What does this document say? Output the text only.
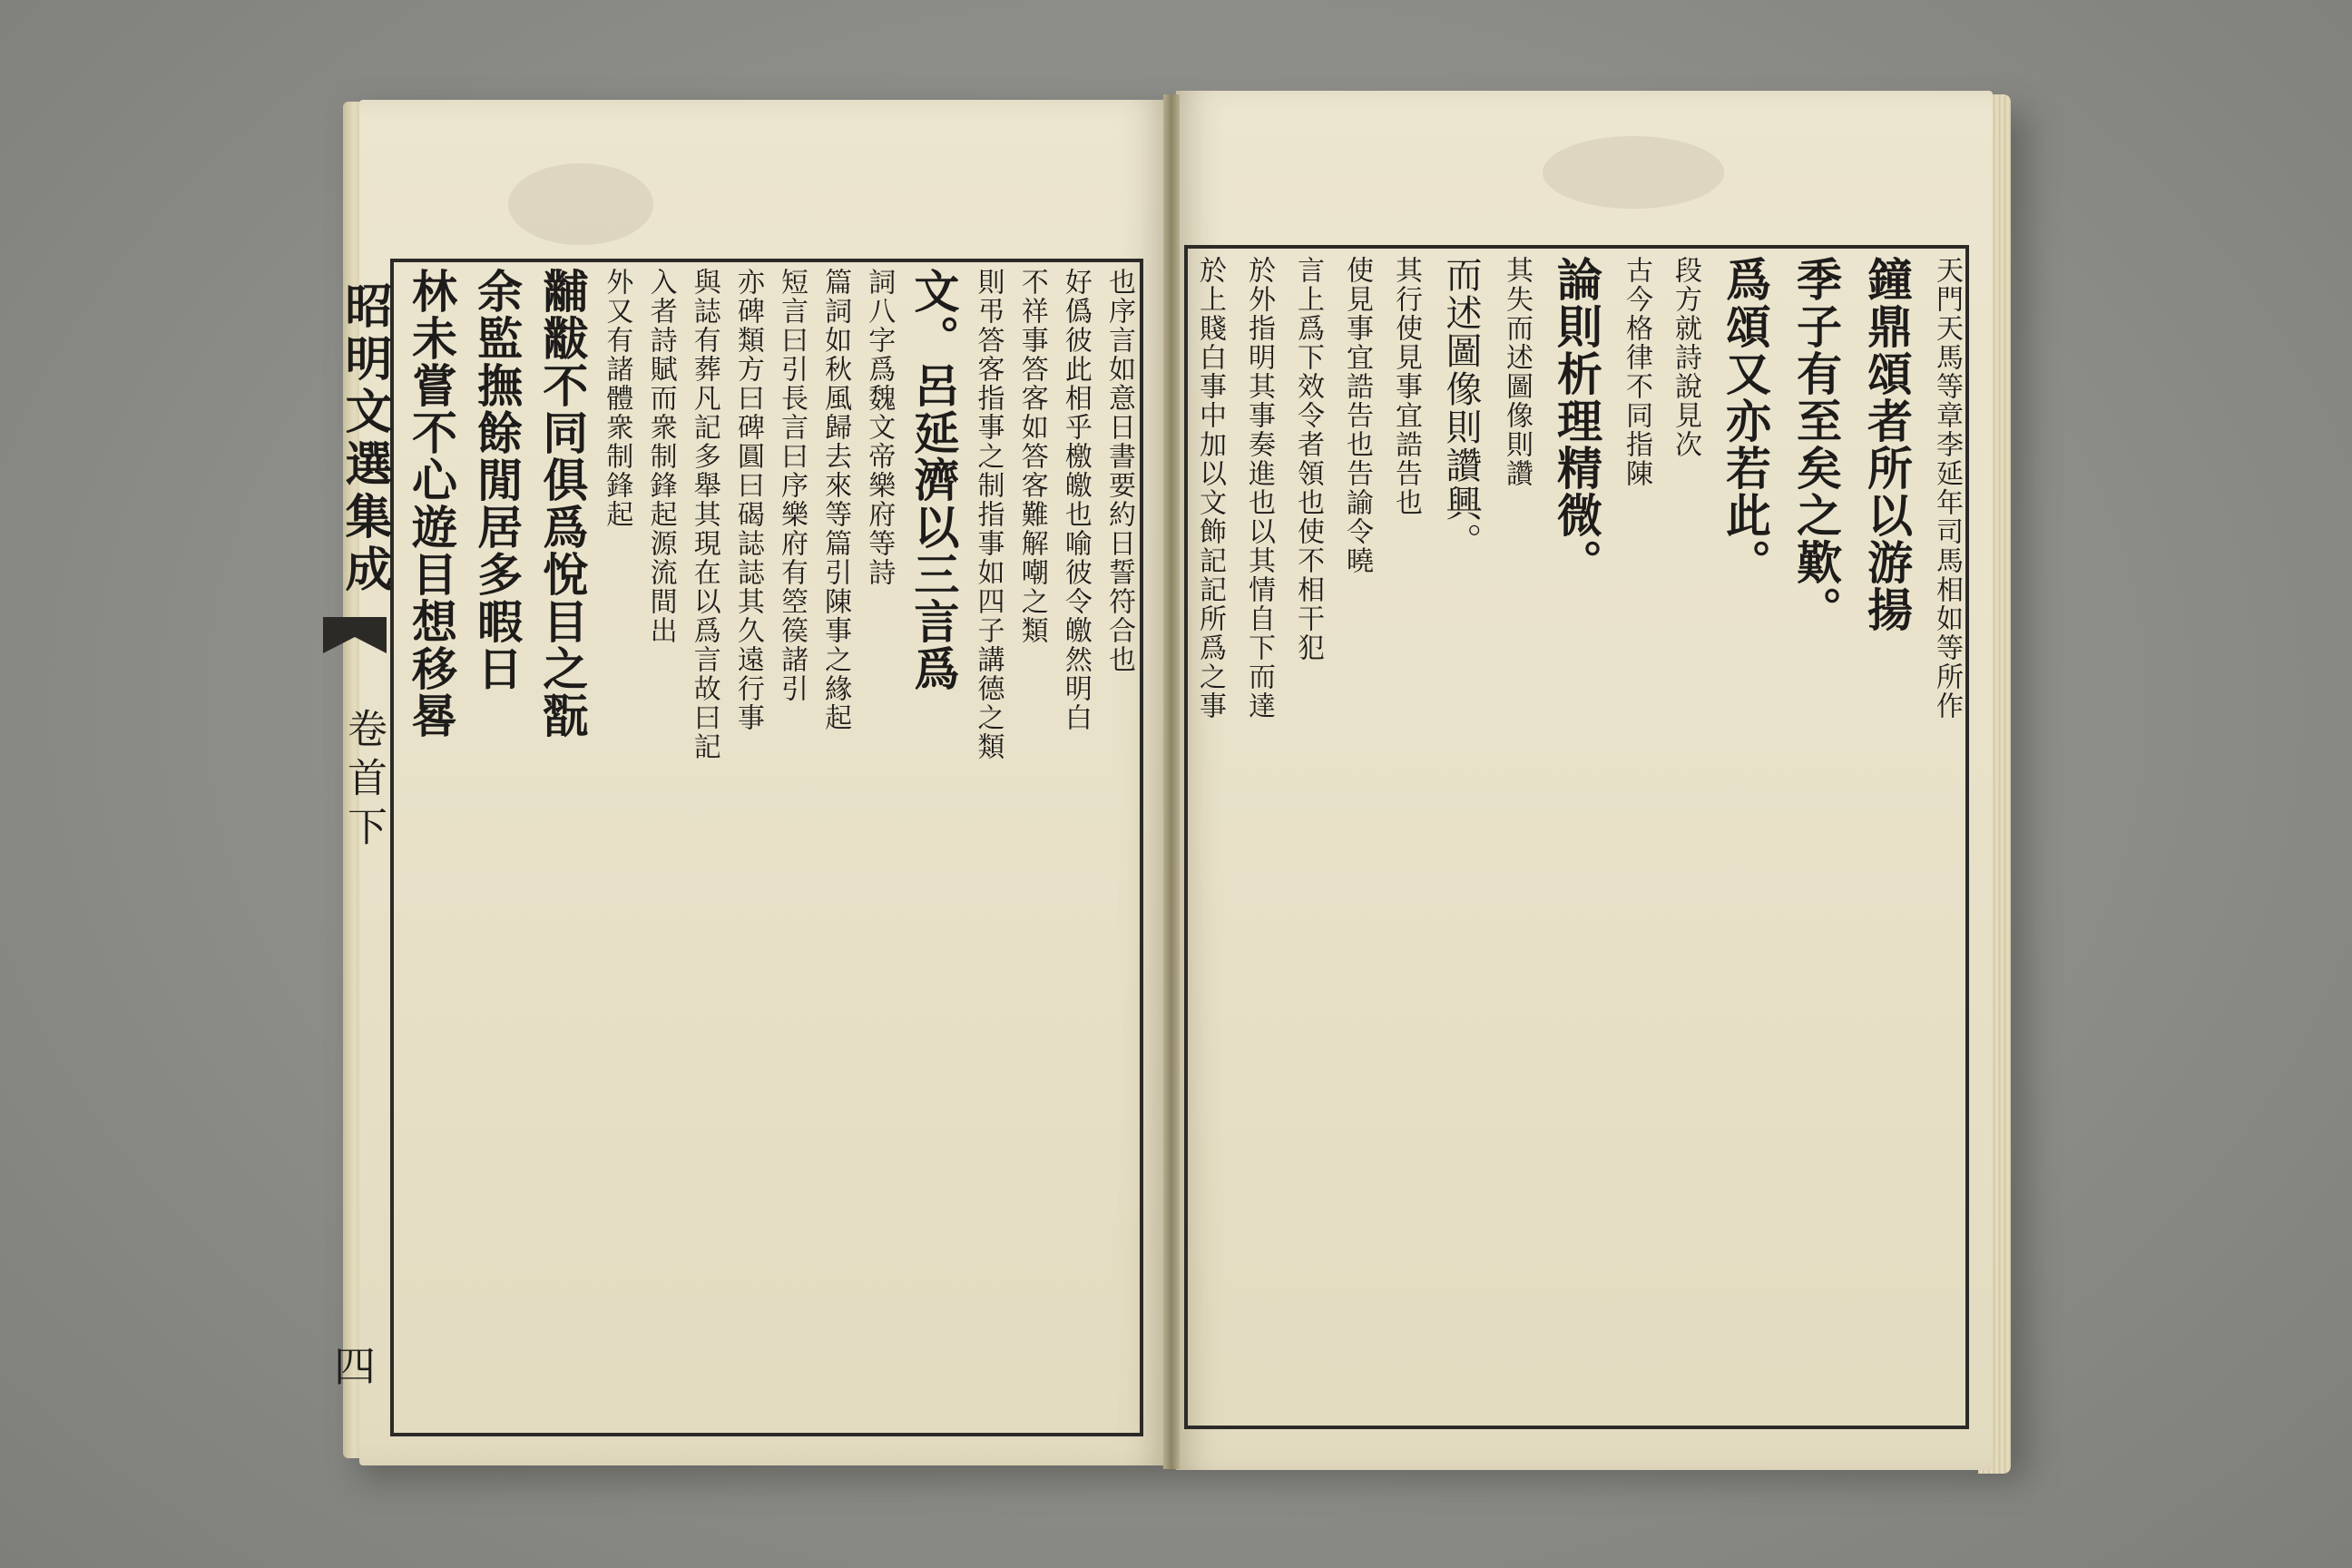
昭明文選集成
卷首下
四
天門天馬等章李延年司馬相如等所作
鐘鼎頌者所以游揚
季子有至矣之歎。
爲頌又亦若此。
段方就詩說見次
古今格律不同指陳
論則析理精微。
其失而述圖像則讚
而述圖像則讚興。
其行使見事宜誥告也
使見事宜誥告也告諭令曉
言上爲下效令者領也使不相干犯
於外指明其事奏進也以其情自下而達
於上賤白事中加以文飾記記所爲之事
也序言如意日書要約日誓符合也
好僞彼此相乎檄皦也喻彼令皦然明白
不祥事答客如答客難解嘲之類
則弔答客指事之制指事如四子講德之類
文。呂延濟以三言爲
詞八字爲魏文帝樂府等詩
篇詞如秋風歸去來等篇引陳事之緣起
短言曰引長言曰序樂府有箜篌諸引
亦碑類方曰碑圓曰碣誌誌其久遠行事
與誌有葬凡記多舉其現在以爲言故曰記
入者詩賦而衆制鋒起源流間出
外又有諸體衆制鋒起
黼黻不同俱爲悅目之翫
余監撫餘閒居多暇日
林未嘗不心遊目想移晷
